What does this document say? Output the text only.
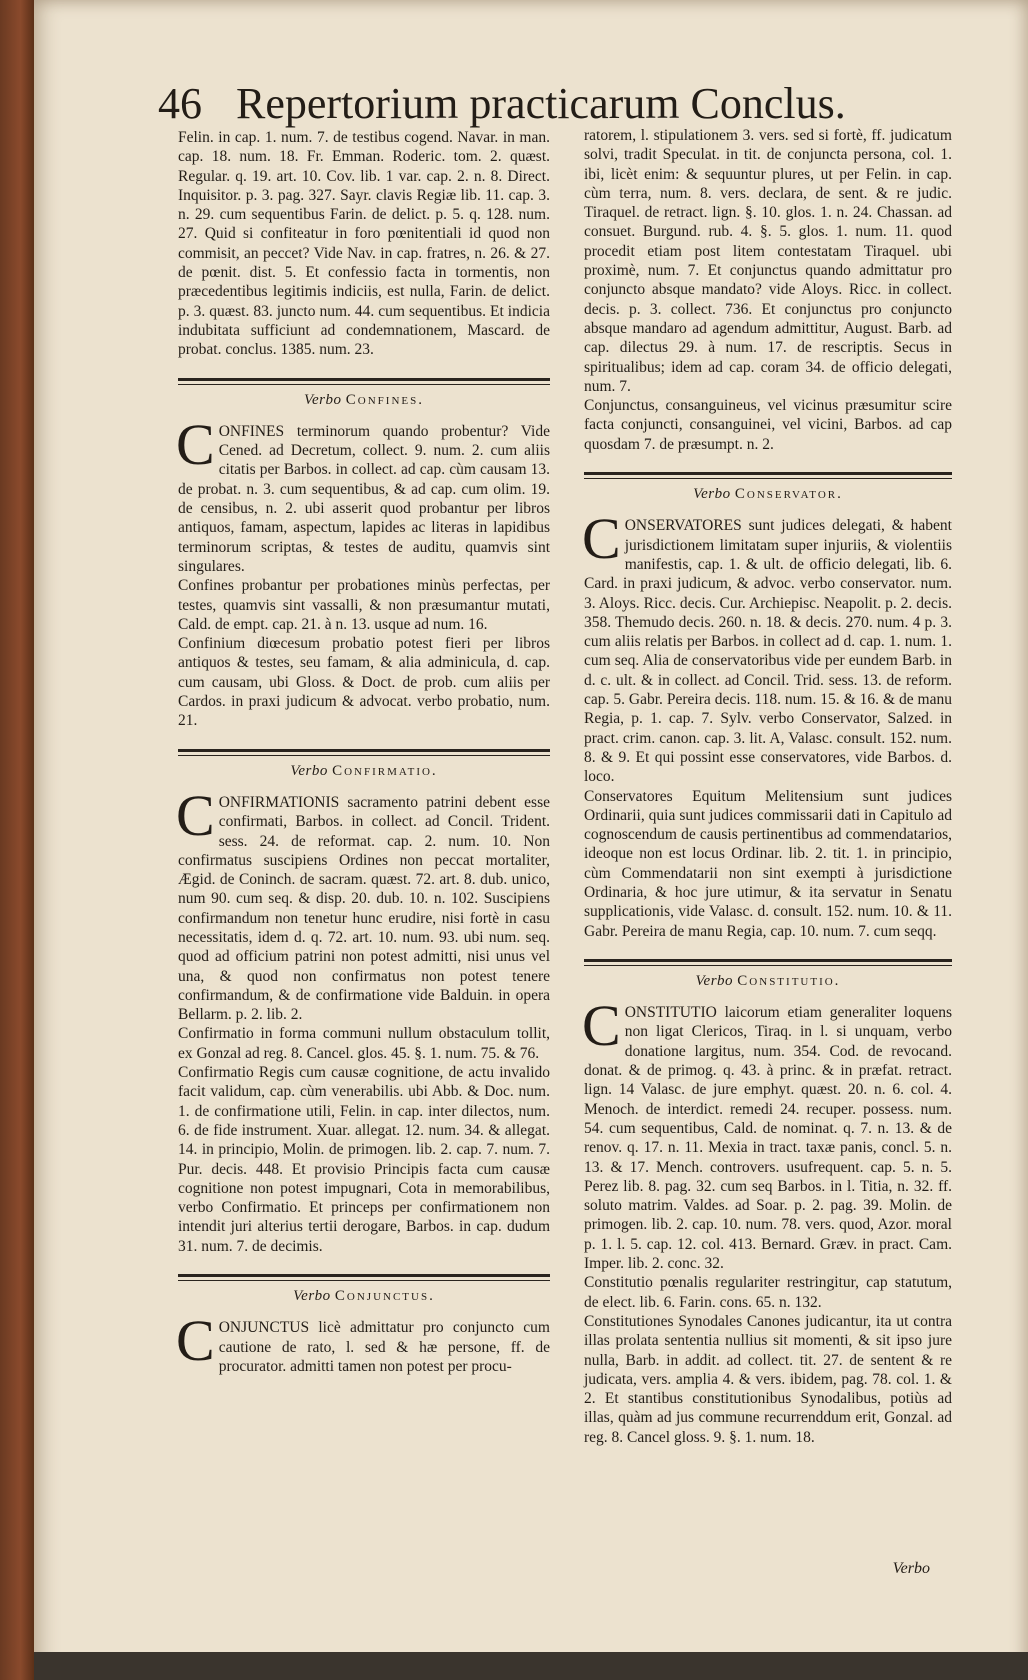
46 Repertorium practicarum Conclus.

Felin. in cap. 1. num. 7. de testibus cogend. Navar. in man. cap. 18. num. 18. Fr. Emman. Roderic. tom. 2. quæst. Regular. q. 19. art. 10. Cov. lib. 1 var. cap. 2. n. 8. Direct. Inquisitor. p. 3. pag. 327. Sayr. clavis Regiæ lib. 11. cap. 3. n. 29. cum sequentibus Farin. de delict. p. 5. q. 128. num. 27. Quid si confiteatur in foro pœnitentiali id quod non commisit, an peccet? Vide Nav. in cap. fratres, n. 26. & 27. de pœnit. dist. 5. Et confessio facta in tormentis, non præcedentibus legitimis indiciis, est nulla, Farin. de delict. p. 3. quæst. 83. juncto num. 44. cum sequentibus. Et indicia indubitata sufficiunt ad condemnationem, Mascard. de probat. conclus. 1385. num. 23.

Verbo Confines.
C ONFINES terminorum quando probentur? Vide Cened. ad Decretum, collect. 9. num. 2. cum aliis citatis per Barbos. in collect. ad cap. cùm causam 13. de probat. n. 3. cum sequentibus, & ad cap. cum olim. 19. de censibus, n. 2. ubi asserit quod probantur per libros antiquos, famam, aspectum, lapides ac literas in lapidibus terminorum scriptas, & testes de auditu, quamvis sint singulares.

Confines probantur per probationes minùs perfectas, per testes, quamvis sint vassalli, & non præsumantur mutati, Cald. de empt. cap. 21. à n. 13. usque ad num. 16.

Confinium diœcesum probatio potest fieri per libros antiquos & testes, seu famam, & alia adminicula, d. cap. cum causam, ubi Gloss. & Doct. de prob. cum aliis per Cardos. in praxi judicum & advocat. verbo probatio, num. 21.

Verbo Confirmatio.
C ONFIRMATIONIS sacramento patrini debent esse confirmati, Barbos. in collect. ad Concil. Trident. sess. 24. de reformat. cap. 2. num. 10. Non confirmatus suscipiens Ordines non peccat mortaliter, Ægid. de Coninch. de sacram. quæst. 72. art. 8. dub. unico, num 90. cum seq. & disp. 20. dub. 10. n. 102. Suscipiens confirmandum non tenetur hunc erudire, nisi fortè in casu necessitatis, idem d. q. 72. art. 10. num. 93. ubi num. seq. quod ad officium patrini non potest admitti, nisi unus vel una, & quod non confirmatus non potest tenere confirmandum, & de confirmatione vide Balduin. in opera Bellarm. p. 2. lib. 2.

Confirmatio in forma communi nullum obstaculum tollit, ex Gonzal ad reg. 8. Cancel. glos. 45. §. 1. num. 75. & 76.

Confirmatio Regis cum causæ cognitione, de actu invalido facit validum, cap. cùm venerabilis. ubi Abb. & Doc. num. 1. de confirmatione utili, Felin. in cap. inter dilectos, num. 6. de fide instrument. Xuar. allegat. 12. num. 34. & allegat. 14. in principio, Molin. de primogen. lib. 2. cap. 7. num. 7. Pur. decis. 448. Et provisio Principis facta cum causæ cognitione non potest impugnari, Cota in memorabilibus, verbo Confirmatio. Et princeps per confirmationem non intendit juri alterius tertii derogare, Barbos. in cap. dudum 31. num. 7. de decimis.

Verbo Conjunctus.
C ONJUNCTUS licè admittatur pro conjuncto cum cautione de rato, l. sed & hæ persone, ff. de procurator. admitti tamen non potest per procu-

ratorem, l. stipulationem 3. vers. sed si fortè, ff. judicatum solvi, tradit Speculat. in tit. de conjuncta persona, col. 1. ibi, licèt enim: & sequuntur plures, ut per Felin. in cap. cùm terra, num. 8. vers. declara, de sent. & re judic. Tiraquel. de retract. lign. §. 10. glos. 1. n. 24. Chassan. ad consuet. Burgund. rub. 4. §. 5. glos. 1. num. 11. quod procedit etiam post litem contestatam Tiraquel. ubi proximè, num. 7. Et conjunctus quando admittatur pro conjuncto absque mandato? vide Aloys. Ricc. in collect. decis. p. 3. collect. 736. Et conjunctus pro conjuncto absque mandaro ad agendum admittitur, August. Barb. ad cap. dilectus 29. à num. 17. de rescriptis. Secus in spiritualibus; idem ad cap. coram 34. de officio delegati, num. 7.

Conjunctus, consanguineus, vel vicinus præsumitur scire facta conjuncti, consanguinei, vel vicini, Barbos. ad cap quosdam 7. de præsumpt. n. 2.

Verbo Conservator.
C ONSERVATORES sunt judices delegati, & habent jurisdictionem limitatam super injuriis, & violentiis manifestis, cap. 1. & ult. de officio delegati, lib. 6. Card. in praxi judicum, & advoc. verbo conservator. num. 3. Aloys. Ricc. decis. Cur. Archiepisc. Neapolit. p. 2. decis. 358. Themudo decis. 260. n. 18. & decis. 270. num. 4 p. 3. cum aliis relatis per Barbos. in collect ad d. cap. 1. num. 1. cum seq. Alia de conservatoribus vide per eundem Barb. in d. c. ult. & in collect. ad Concil. Trid. sess. 13. de reform. cap. 5. Gabr. Pereira decis. 118. num. 15. & 16. & de manu Regia, p. 1. cap. 7. Sylv. verbo Conservator, Salzed. in pract. crim. canon. cap. 3. lit. A, Valasc. consult. 152. num. 8. & 9. Et qui possint esse conservatores, vide Barbos. d. loco.

Conservatores Equitum Melitensium sunt judices Ordinarii, quia sunt judices commissarii dati in Capitulo ad cognoscendum de causis pertinentibus ad commendatarios, ideoque non est locus Ordinar. lib. 2. tit. 1. in principio, cùm Commendatarii non sint exempti à jurisdictione Ordinaria, & hoc jure utimur, & ita servatur in Senatu supplicationis, vide Valasc. d. consult. 152. num. 10. & 11. Gabr. Pereira de manu Regia, cap. 10. num. 7. cum seqq.

Verbo Constitutio.
C ONSTITUTIO laicorum etiam generaliter loquens non ligat Clericos, Tiraq. in l. si unquam, verbo donatione largitus, num. 354. Cod. de revocand. donat. & de primog. q. 43. à princ. & in præfat. retract. lign. 14 Valasc. de jure emphyt. quæst. 20. n. 6. col. 4. Menoch. de interdict. remedi 24. recuper. possess. num. 54. cum sequentibus, Cald. de nominat. q. 7. n. 13. & de renov. q. 17. n. 11. Mexia in tract. taxæ panis, concl. 5. n. 13. & 17. Mench. controvers. usufrequent. cap. 5. n. 5. Perez lib. 8. pag. 32. cum seq Barbos. in l. Titia, n. 32. ff. soluto matrim. Valdes. ad Soar. p. 2. pag. 39. Molin. de primogen. lib. 2. cap. 10. num. 78. vers. quod, Azor. moral p. 1. l. 5. cap. 12. col. 413. Bernard. Græv. in pract. Cam. Imper. lib. 2. conc. 32.

Constitutio pœnalis regulariter restringitur, cap statutum, de elect. lib. 6. Farin. cons. 65. n. 132.

Constitutiones Synodales Canones judicantur, ita ut contra illas prolata sententia nullius sit momenti, & sit ipso jure nulla, Barb. in addit. ad collect. tit. 27. de sentent & re judicata, vers. amplia 4. & vers. ibidem, pag. 78. col. 1. & 2. Et stantibus constitutionibus Synodalibus, potiùs ad illas, quàm ad jus commune recurrenddum erit, Gonzal. ad reg. 8. Cancel gloss. 9. §. 1. num. 18.

Verbo
